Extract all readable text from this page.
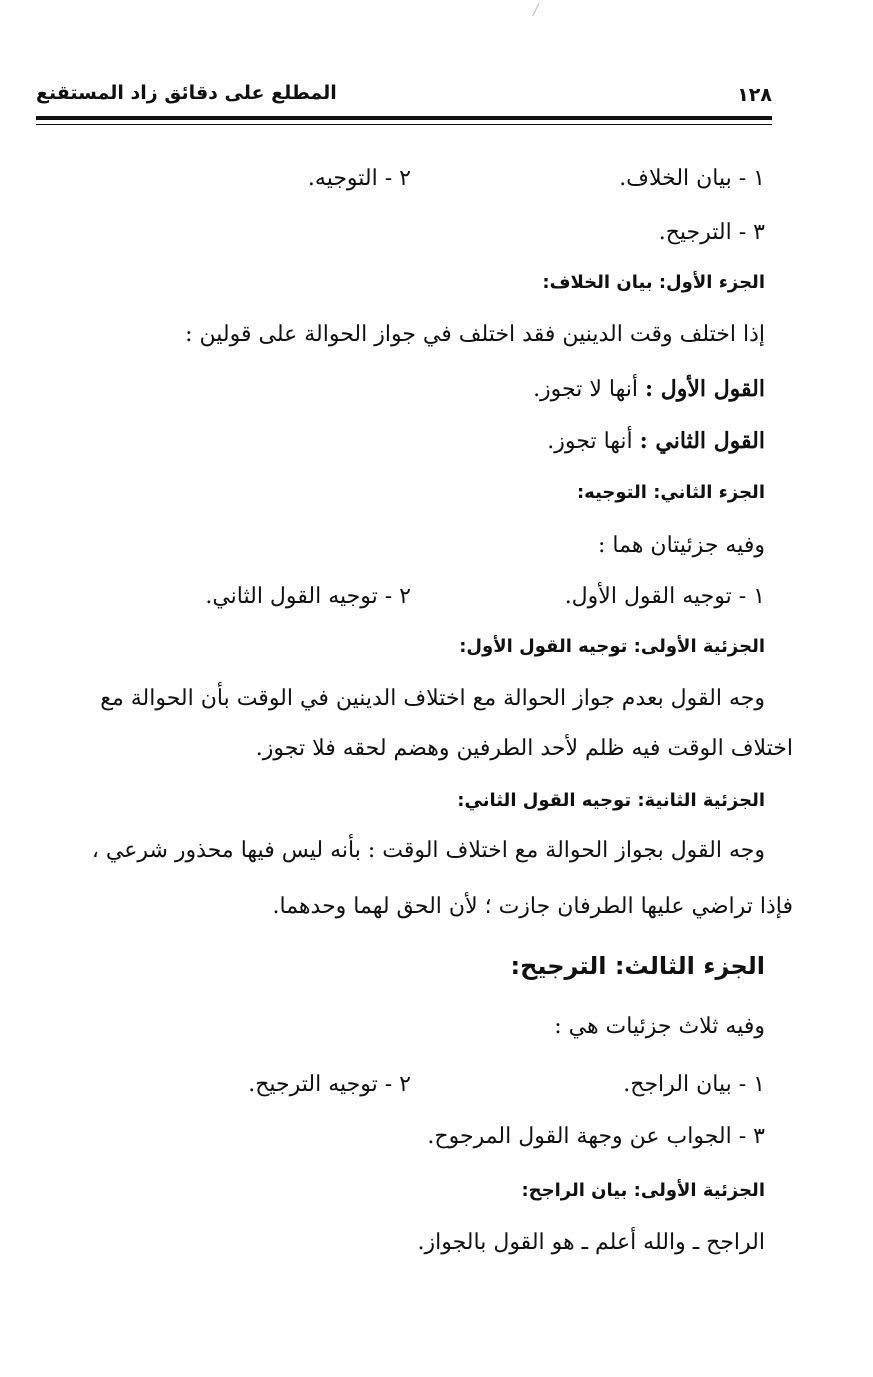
المطلع على دقائق زاد المستقنع	١٢٨
١ - بيان الخلاف.
٢ - التوجيه.
٣ - الترجيح.
الجزء الأول: بيان الخلاف:
إذا اختلف وقت الدينين فقد اختلف في جواز الحوالة على قولين :
القول الأول : أنها لا تجوز.
القول الثاني : أنها تجوز.
الجزء الثاني: التوجيه:
وفيه جزئيتان هما :
١ - توجيه القول الأول.
٢ - توجيه القول الثاني.
الجزئية الأولى: توجيه القول الأول:
وجه القول بعدم جواز الحوالة مع اختلاف الدينين في الوقت بأن الحوالة مع
اختلاف الوقت فيه ظلم لأحد الطرفين وهضم لحقه فلا تجوز.
الجزئية الثانية: توجيه القول الثاني:
وجه القول بجواز الحوالة مع اختلاف الوقت : بأنه ليس فيها محذور شرعي ،
فإذا تراضي عليها الطرفان جازت ؛ لأن الحق لهما وحدهما.
الجزء الثالث: الترجيح:
وفيه ثلاث جزئيات هي :
١ - بيان الراجح.
٢ - توجيه الترجيح.
٣ - الجواب عن وجهة القول المرجوح.
الجزئية الأولى: بيان الراجح:
الراجح ـ والله أعلم ـ هو القول بالجواز.
